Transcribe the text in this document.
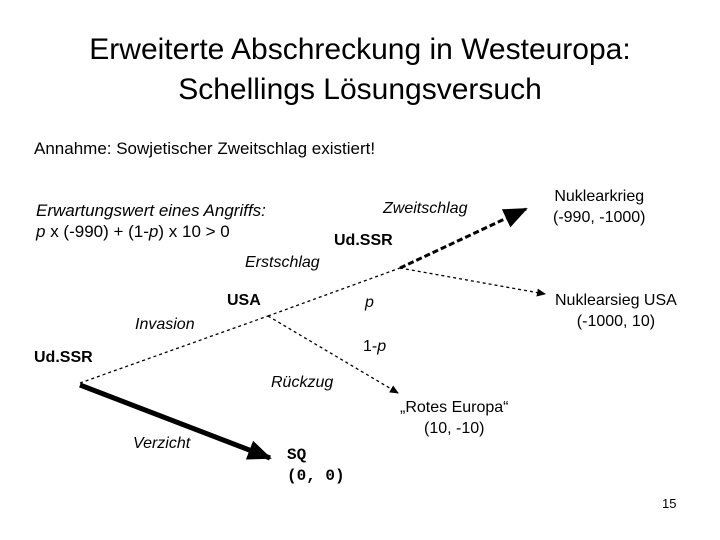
Erweiterte Abschreckung in Westeuropa:
Schellings Lösungsversuch
Annahme: Sowjetischer Zweitschlag existiert!
Erwartungswert eines Angriffs:
p x (-990) + (1-p) x 10 > 0
Ud.SSR
USA
Ud.SSR
Invasion
Verzicht
Erstschlag
Rückzug
Zweitschlag
p
1-p
SQ
(0, 0)
„Rotes Europa“
(10, -10)
Nuklearkrieg
(-990, -1000)
Nuklearsieg USA
(-1000, 10)
15
